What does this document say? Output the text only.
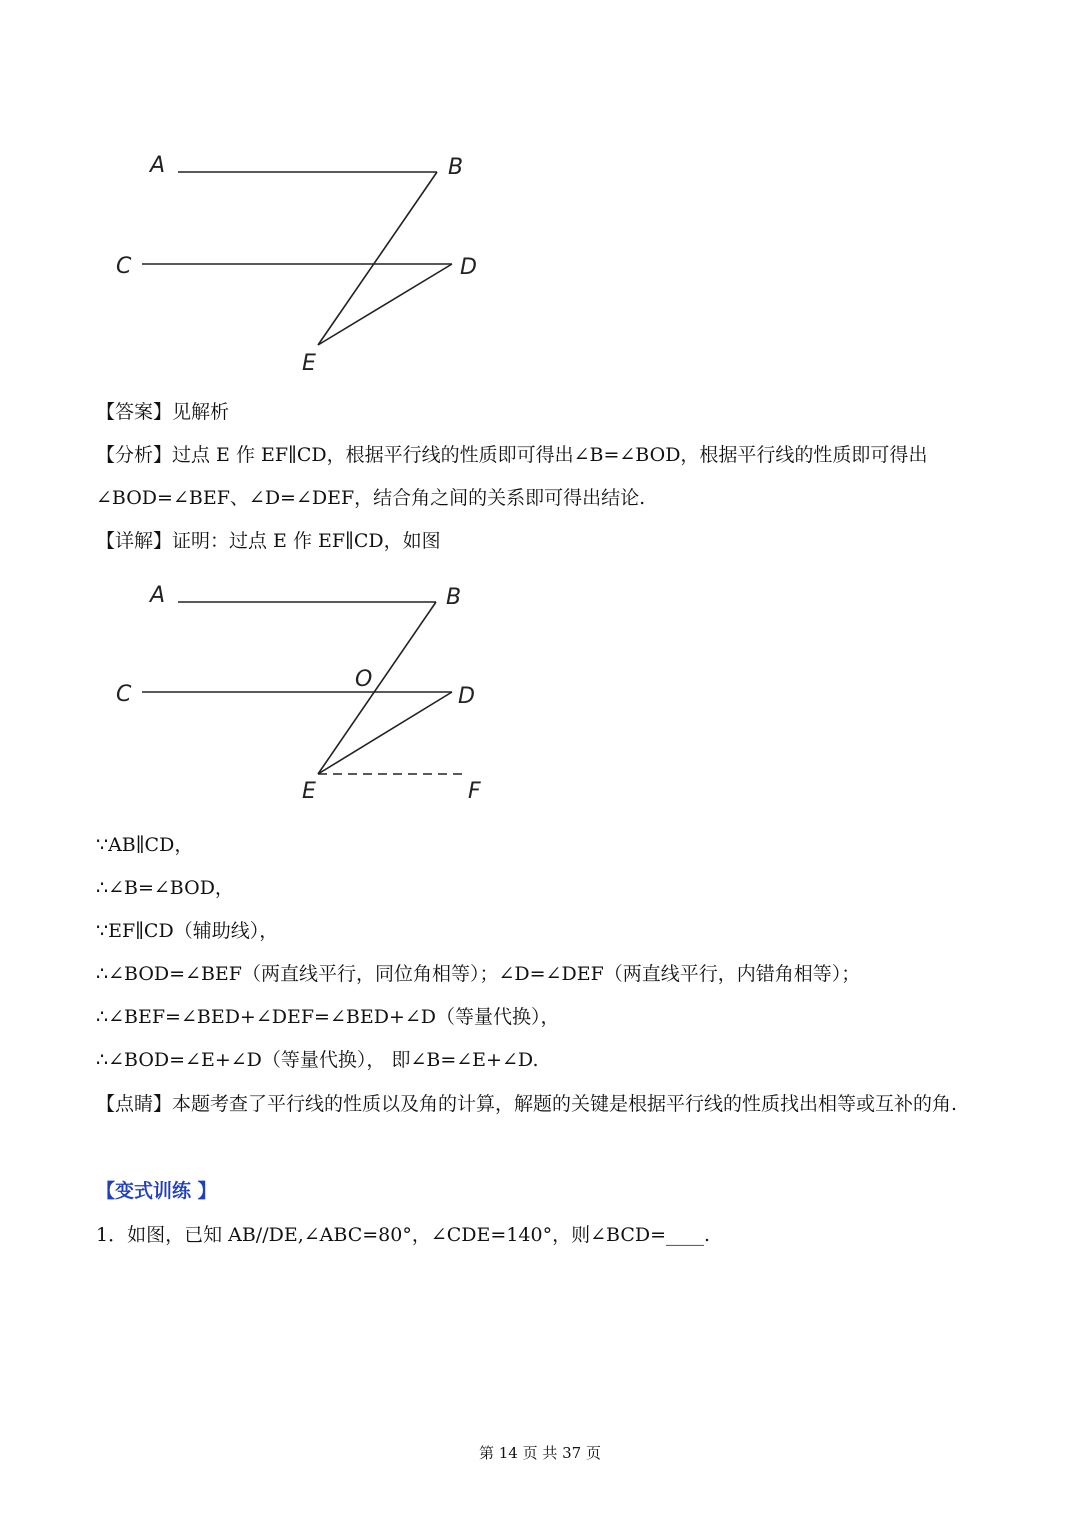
A	B
C	D
E
【答案】见解析
【分析】过点 E 作 EF∥CD，根据平行线的性质即可得出∠B=∠BOD，根据平行线的性质即可得出
∠BOD=∠BEF、∠D=∠DEF，结合角之间的关系即可得出结论.
【详解】证明：过点 E 作 EF∥CD，如图
A	B
O
C	D
E	F
∵AB∥CD，
∴∠B=∠BOD，
∵EF∥CD（辅助线），
∴∠BOD=∠BEF（两直线平行，同位角相等）；∠D=∠DEF（两直线平行，内错角相等）；
∴∠BEF=∠BED+∠DEF=∠BED+∠D（等量代换），
∴∠BOD=∠E+∠D（等量代换）， 即∠B=∠E+∠D.
【点睛】本题考查了平行线的性质以及角的计算，解题的关键是根据平行线的性质找出相等或互补的角.
【变式训练 】
1．如图，已知 AB//DE,∠ABC=80°，∠CDE=140°，则∠BCD=____.
第 14 页 共 37 页
